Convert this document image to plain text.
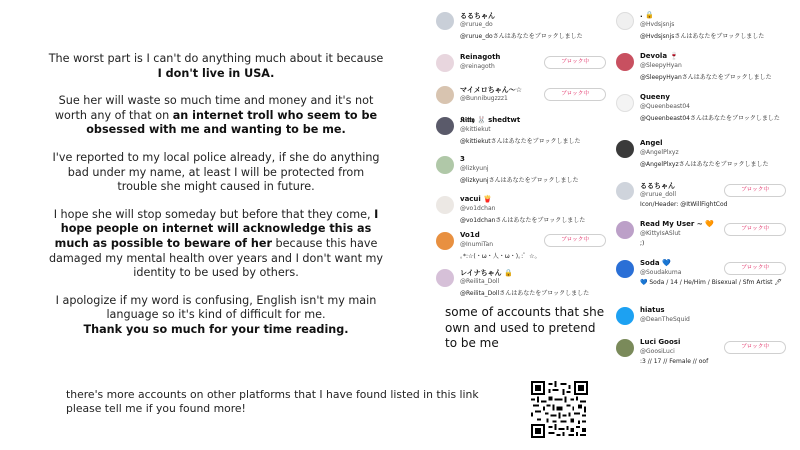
The worst part is I can't do anything much about it because I don't live in USA.

Sue her will waste so much time and money and it's not worth any of that on an internet troll who seem to be obsessed with me and wanting to be me.

I've reported to my local police already, if she do anything bad under my name, at least I will be protected from trouble she might caused in future.

I hope she will stop someday but before that they come, I hope people on internet will acknowledge this as much as possible to beware of her because this have damaged my mental health over years and I don't want my identity to be used by others.

I apologize if my word is confusing, English isn't my main language so it's kind of difficult for me.
Thank you so much for your time reading.

るるちゃん
@rurue_do
@rurue_doさんはあなたをブロックしました
Reinagoth
@reinagoth
ブロック中
マイメロちゃん〜☆
@Bunnibugzzz1
ブロック中
𝕶𝖎𝖙𝖙𝖞 🐰 shedtwt
@kittiekut
@kittiekutさんはあなたをブロックしました
3
@lizkyunj
@lizkyunjさんはあなたをブロックしました
vacui 🍟
@vo1dchan
@vo1dchanさんはあなたをブロックしました
Vo1d
@InumiTan
｡*:☆(・ω・人・ω・)｡:゜☆。
ブロック中
レイナちゃん 🔒
@Reilita_Doll
@Reilita_Dollさんはあなたをブロックしました
. 🔒
@Hvdsjsnjs
@Hvdsjsnjsさんはあなたをブロックしました
Devola 🍷
@SleepyHyan
@SleepyHyanさんはあなたをブロックしました
Queeny
@Queenbeast04
@Queenbeast04さんはあなたをブロックしました
Angel
@AngelPlxyz
@AngelPlxyzさんはあなたをブロックしました
るるちゃん
@rurue_doll
Icon/Header: @ItWillFightCod
ブロック中
Read My User ~ 🧡
@KittyIsASlut
;)
ブロック中
Soda 💙
@Soudakuma
💙 Soda / 14 / He/Him / Bisexual / Sfm Artist 🖊
ブロック中
hiatus
@DeanTheSquid
Luci Goosi
@GoosiLuci
:3 // 17 // Female // oof
ブロック中
some of accounts that she own and used to pretend to be me
there's more accounts on other platforms that I have found listed in this link please tell me if you found more!
